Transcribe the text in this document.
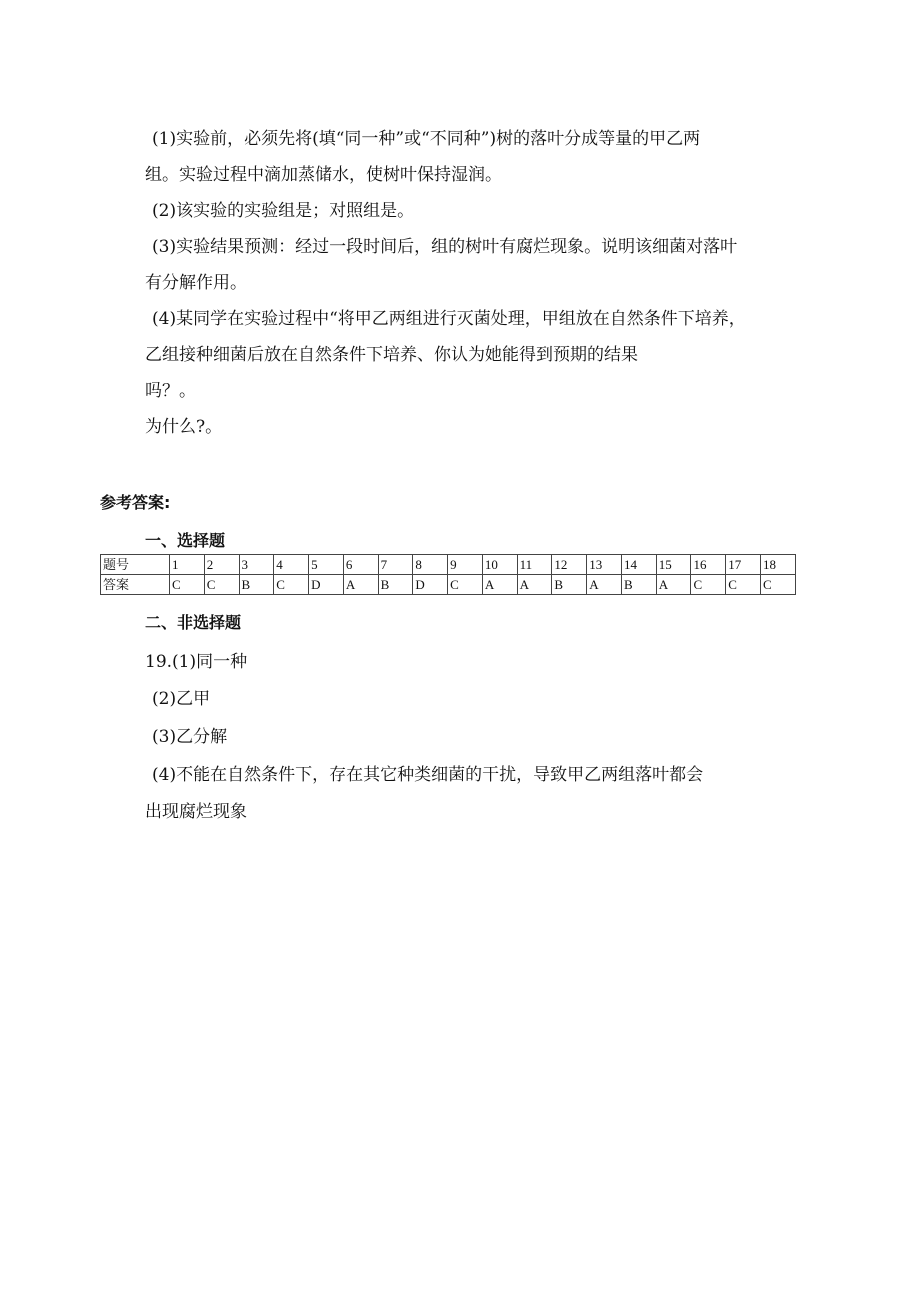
(1)实验前，必须先将(填“同一种”或“不同种”)树的落叶分成等量的甲乙两
组。实验过程中滴加蒸储水，使树叶保持湿润。
(2)该实验的实验组是；对照组是。
(3)实验结果预测：经过一段时间后，组的树叶有腐烂现象。说明该细菌对落叶
有分解作用。
(4)某同学在实验过程中“将甲乙两组进行灭菌处理，甲组放在自然条件下培养，
乙组接种细菌后放在自然条件下培养、你认为她能得到预期的结果
吗？。
为什么?。
参考答案:
一、选择题
题号	1	2	3	4	5	6	7	8	9	10	11	12	13	14	15	16	17	18
答案	C	C	B	C	D	A	B	D	C	A	A	B	A	B	A	C	C	C
二、非选择题
19.(1)同一种
(2)乙甲
(3)乙分解
(4)不能在自然条件下，存在其它种类细菌的干扰，导致甲乙两组落叶都会
出现腐烂现象
